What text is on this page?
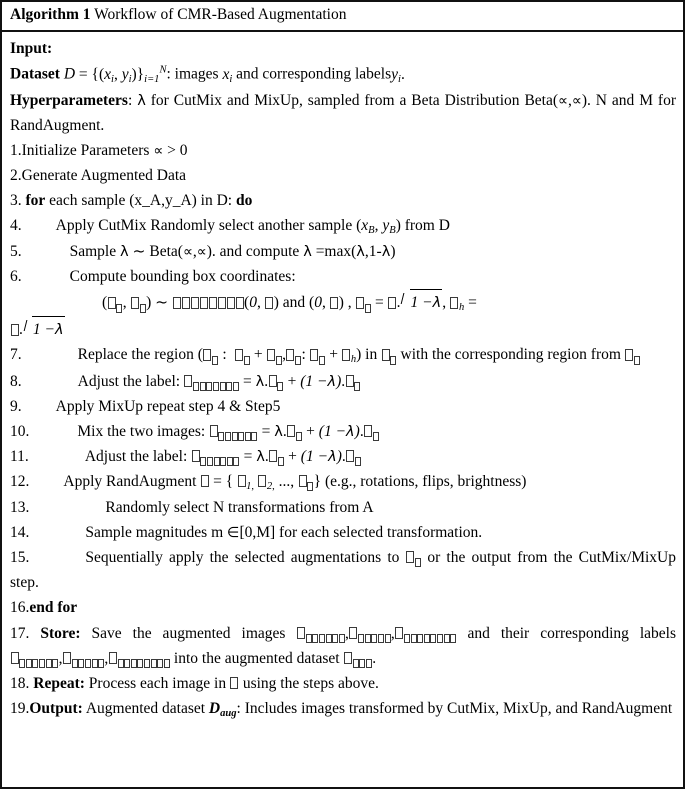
Algorithm 1 Workflow of CMR-Based Augmentation
Input:
Dataset $D = \{(x_i$, $y_i)\}_{i=1}^N$: images $x_i$ and corresponding labelsy$_i$.
Hyperparameters: λ for CutMix and MixUp, sampled from a Beta Distribution Beta(∝,∝). N and M for RandAugment.
1.Initialize Parameters ∝ > 0
2.Generate Augmented Data
3. for each sample (x_A,y_A) in D: do
4. Apply CutMix Randomly select another sample ($x_B$, $y_B$) from D
5.	Sample λ ~ Beta(∝,∝). and compute λ =max(λ,1-λ)
6.	Compute bounding box coordinates:
( , ) ~	(0, ) and (0, ) ,  = . 1 −λ, $_h$ =
. 1 −λ
7.	Replace the region ( :   + , :  + $_h$) in with the corresponding region from
8.	Adjust the label:	= λ. + (1 −λ).
9. Apply MixUp repeat step 4 & Step5
10.	Mix the two images:	= λ. + (1 −λ).
11.	Adjust the label:	= λ. + (1 −λ).
12. Apply RandAugment  = { $_1$, $_2$, ..., } (e.g., rotations, flips, brightness)
13.	Randomly select N transformations from A
14.	Sample magnitudes m ∈[0,M] for each selected transformation.
15.	Sequentially apply the selected augmentations to or the output from the CutMix/MixUp step.
16.end for
17. Store: Save the augmented images	,	,	and their corresponding labels ,	,	into the augmented dataset .
18. Repeat: Process each image in using the steps above.
19.Output: Augmented dataset $D_{aug}$: Includes images transformed by CutMix, MixUp, and RandAugment
